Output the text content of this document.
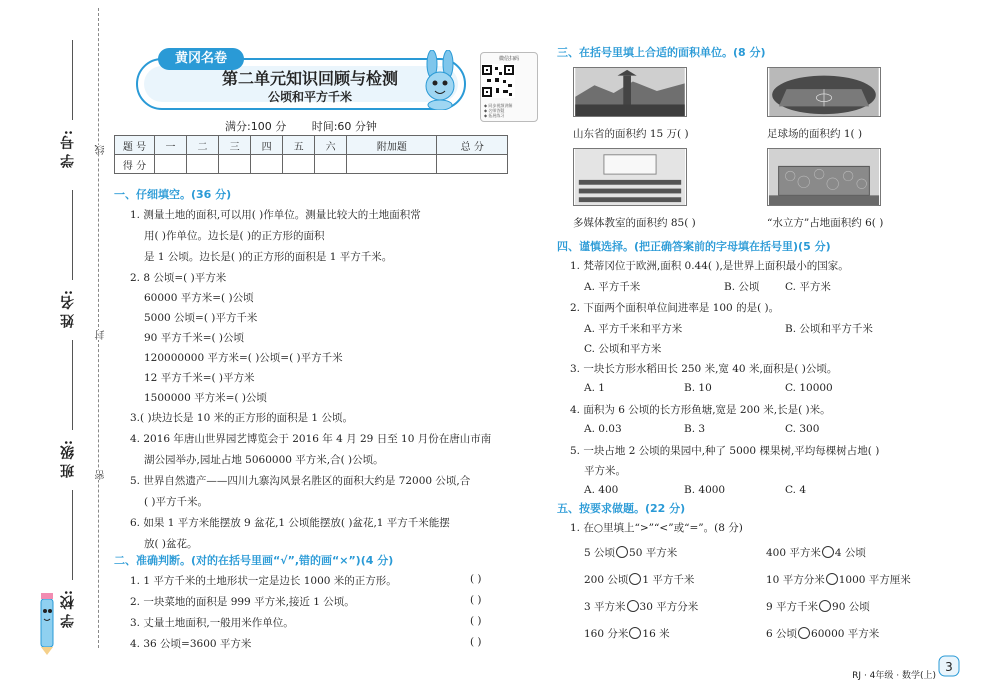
学 号:
姓 名:
班 级:
学 校:
线
封
密
黄冈名卷
第二单元知识回顾与检测
公顷和平方千米
微信扫码
◆ 同步视频讲解
◆ 名师答疑
◆ 拓展练习
满分:100 分 时间:60 分钟
题 号	一	二	三	四	五	六	附加题	总 分
得 分								
一、仔细填空。(36 分)
1. 测量土地的面积,可以用( )作单位。测量比较大的土地面积常
用( )作单位。边长是( )的正方形的面积
是 1 公顷。边长是( )的正方形的面积是 1 平方千米。
2. 8 公顷=( )平方米
60000 平方米=( )公顷
5000 公顷=( )平方千米
90 平方千米=( )公顷
120000000 平方米=( )公顷=( )平方千米
12 平方千米=( )平方米
1500000 平方米=( )公顷
3.( )块边长是 10 米的正方形的面积是 1 公顷。
4. 2016 年唐山世界园艺博览会于 2016 年 4 月 29 日至 10 月份在唐山市南
湖公园举办,园址占地 5060000 平方米,合( )公顷。
5. 世界自然遗产——四川九寨沟风景名胜区的面积大约是 72000 公顷,合
( )平方千米。
6. 如果 1 平方米能摆放 9 盆花,1 公顷能摆放( )盆花,1 平方千米能摆
放( )盆花。
二、准确判断。(对的在括号里画“√”,错的画“×”)(4 分)
1. 1 平方千米的土地形状一定是边长 1000 米的正方形。	( )
2. 一块菜地的面积是 999 平方米,接近 1 公顷。	( )
3. 丈量土地面积,一般用米作单位。	( )
4. 36 公顷=3600 平方米	( )
三、在括号里填上合适的面积单位。(8 分)
山东省的面积约 15 万( )	足球场的面积约 1( )
多媒体教室的面积约 85( )	“水立方”占地面积约 6( )
四、谨慎选择。(把正确答案前的字母填在括号里)(5 分)
1. 梵蒂冈位于欧洲,面积 0.44( ),是世界上面积最小的国家。
A. 平方千米	B. 公顷 C. 平方米
2. 下面两个面积单位间进率是 100 的是( )。
A. 平方千米和平方米	B. 公顷和平方千米
C. 公顷和平方米
3. 一块长方形水稻田长 250 米,宽 40 米,面积是( )公顷。
A. 1	B. 10	C. 10000
4. 面积为 6 公顷的长方形鱼塘,宽是 200 米,长是( )米。
A. 0.03	B. 3	C. 300
5. 一块占地 2 公顷的果园中,种了 5000 棵果树,平均每棵树占地( )
平方米。
A. 400	B. 4000	C. 4
五、按要求做题。(22 分)
1. 在○里填上“>”“<”或“=”。(8 分)
5 公顷 50 平方米	400 平方米 4 公顷
200 公顷 1 平方千米	10 平方分米 1000 平方厘米
3 平方米 30 平方分米	9 平方千米 90 公顷
160 分米 16 米	6 公顷 60000 平方米
RJ · 4年级 · 数学(上)
3
